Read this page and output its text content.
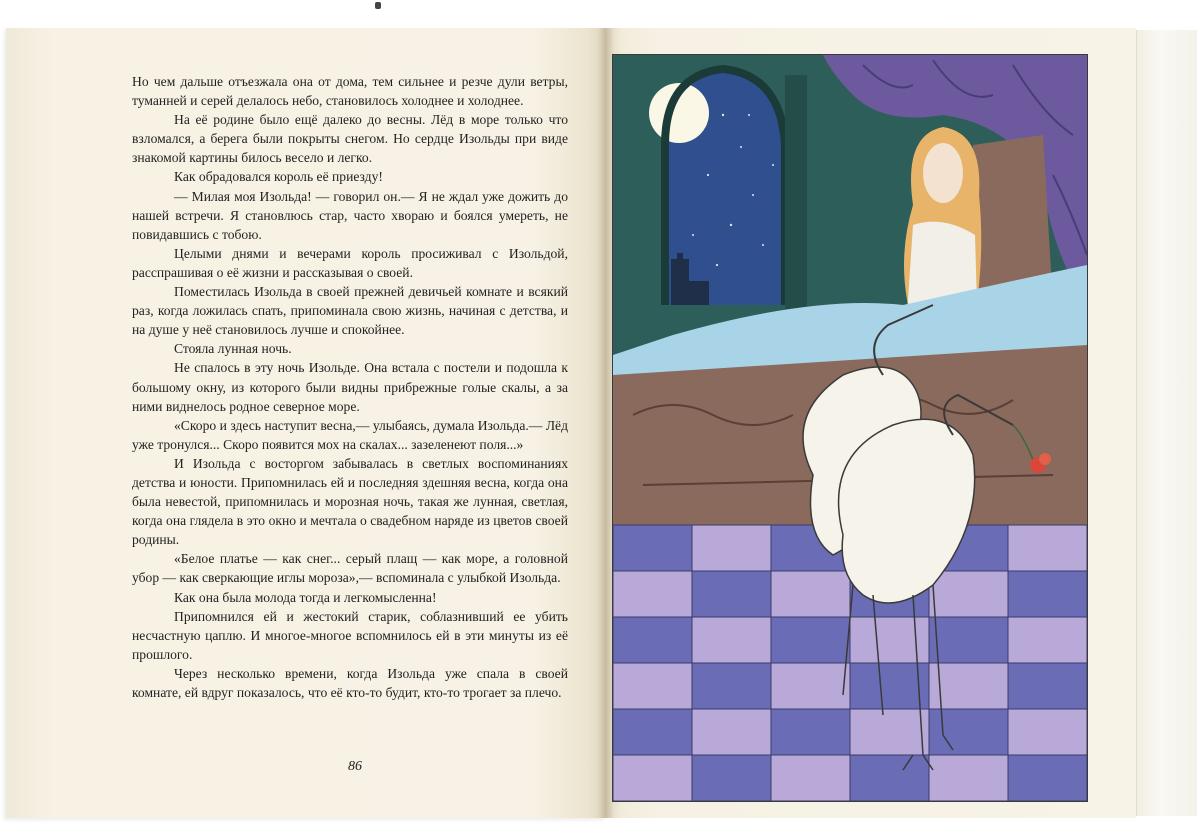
Но чем дальше отъезжала она от дома, тем сильнее и резче дули ветры, туманней и серей делалось небо, становилось холоднее и холоднее.

На её родине было ещё далеко до весны. Лёд в море только что взломался, а берега были покрыты снегом. Но сердце Изольды при виде знакомой картины билось весело и легко.

Как обрадовался король её приезду!

— Милая моя Изольда! — говорил он.— Я не ждал уже дожить до нашей встречи. Я становлюсь стар, часто хвораю и боялся умереть, не повидавшись с тобою.

Целыми днями и вечерами король просиживал с Изольдой, расспрашивая о её жизни и рассказывая о своей.

Поместилась Изольда в своей прежней девичьей комнате и всякий раз, когда ложилась спать, припоминала свою жизнь, начиная с детства, и на душе у неё становилось лучше и спокойнее.

Стояла лунная ночь.

Не спалось в эту ночь Изольде. Она встала с постели и подошла к большому окну, из которого были видны прибрежные голые скалы, а за ними виднелось родное северное море.

«Скоро и здесь наступит весна,— улыбаясь, думала Изольда.— Лёд уже тронулся... Скоро появится мох на скалах... зазеленеют поля...»

И Изольда с восторгом забывалась в светлых воспоминаниях детства и юности. Припомнилась ей и последняя здешняя весна, когда она была невестой, припомнилась и морозная ночь, такая же лунная, светлая, когда она глядела в это окно и мечтала о свадебном наряде из цветов своей родины.

«Белое платье — как снег... серый плащ — как море, а головной убор — как сверкающие иглы мороза»,— вспоминала с улыбкой Изольда.

Как она была молода тогда и легкомысленна!

Припомнился ей и жестокий старик, соблазнивший ее убить несчастную цаплю. И многое-многое вспомнилось ей в эти минуты из её прошлого.

Через несколько времени, когда Изольда уже спала в своей комнате, ей вдруг показалось, что её кто-то будит, кто-то трогает за плечо.

86
